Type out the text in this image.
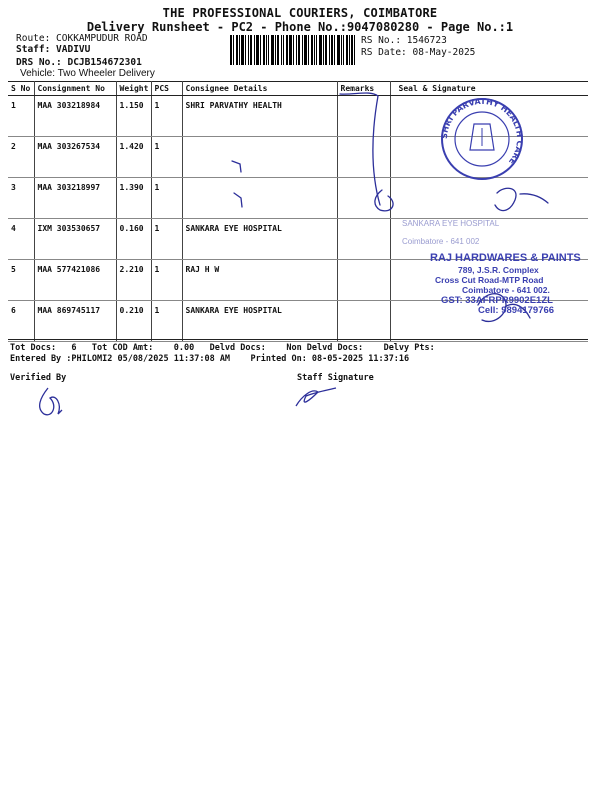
THE PROFESSIONAL COURIERS, COIMBATORE
Delivery Runsheet - PC2 - Phone No.:9047080280 - Page No.:1
Route: COKKAMPUDUR ROAD
Staff: VADIVU
DRS No.: DCJB154672301
Vehicle: Two Wheeler Delivery
RS No.: 1546723
RS Date: 08-May-2025
S No	Consignment No	Weight	PCS	Consignee Details	Remarks	Seal & Signature
1	MAA 303218984	1.150	1	SHRI PARVATHY HEALTH		
2	MAA 303267534	1.420	1			
3	MAA 303218997	1.390	1			
4	IXM 303530657	0.160	1	SANKARA EYE HOSPITAL		
5	MAA 577421086	2.210	1	RAJ H W		
6	MAA 869745117	0.210	1	SANKARA EYE HOSPITAL		
Tot Docs:   6   Tot COD Amt:    0.00   Delvd Docs:    Non Delvd Docs:    Delvy Pts:
Entered By :PHILOMI2 05/08/2025 11:37:08 AM    Printed On: 08-05-2025 11:37:16
Verified By	Staff Signature
SHRI PARVATHY HEALTH CARE
SANKARA EYE HOSPITAL
Coimbatore - 641 002
RAJ HARDWARES & PAINTS
789, J.S.R. Complex
Cross Cut Road-MTP Road
Coimbatore - 641 002.
GST: 33AFRPR9902E1ZL
Cell: 9894179766
